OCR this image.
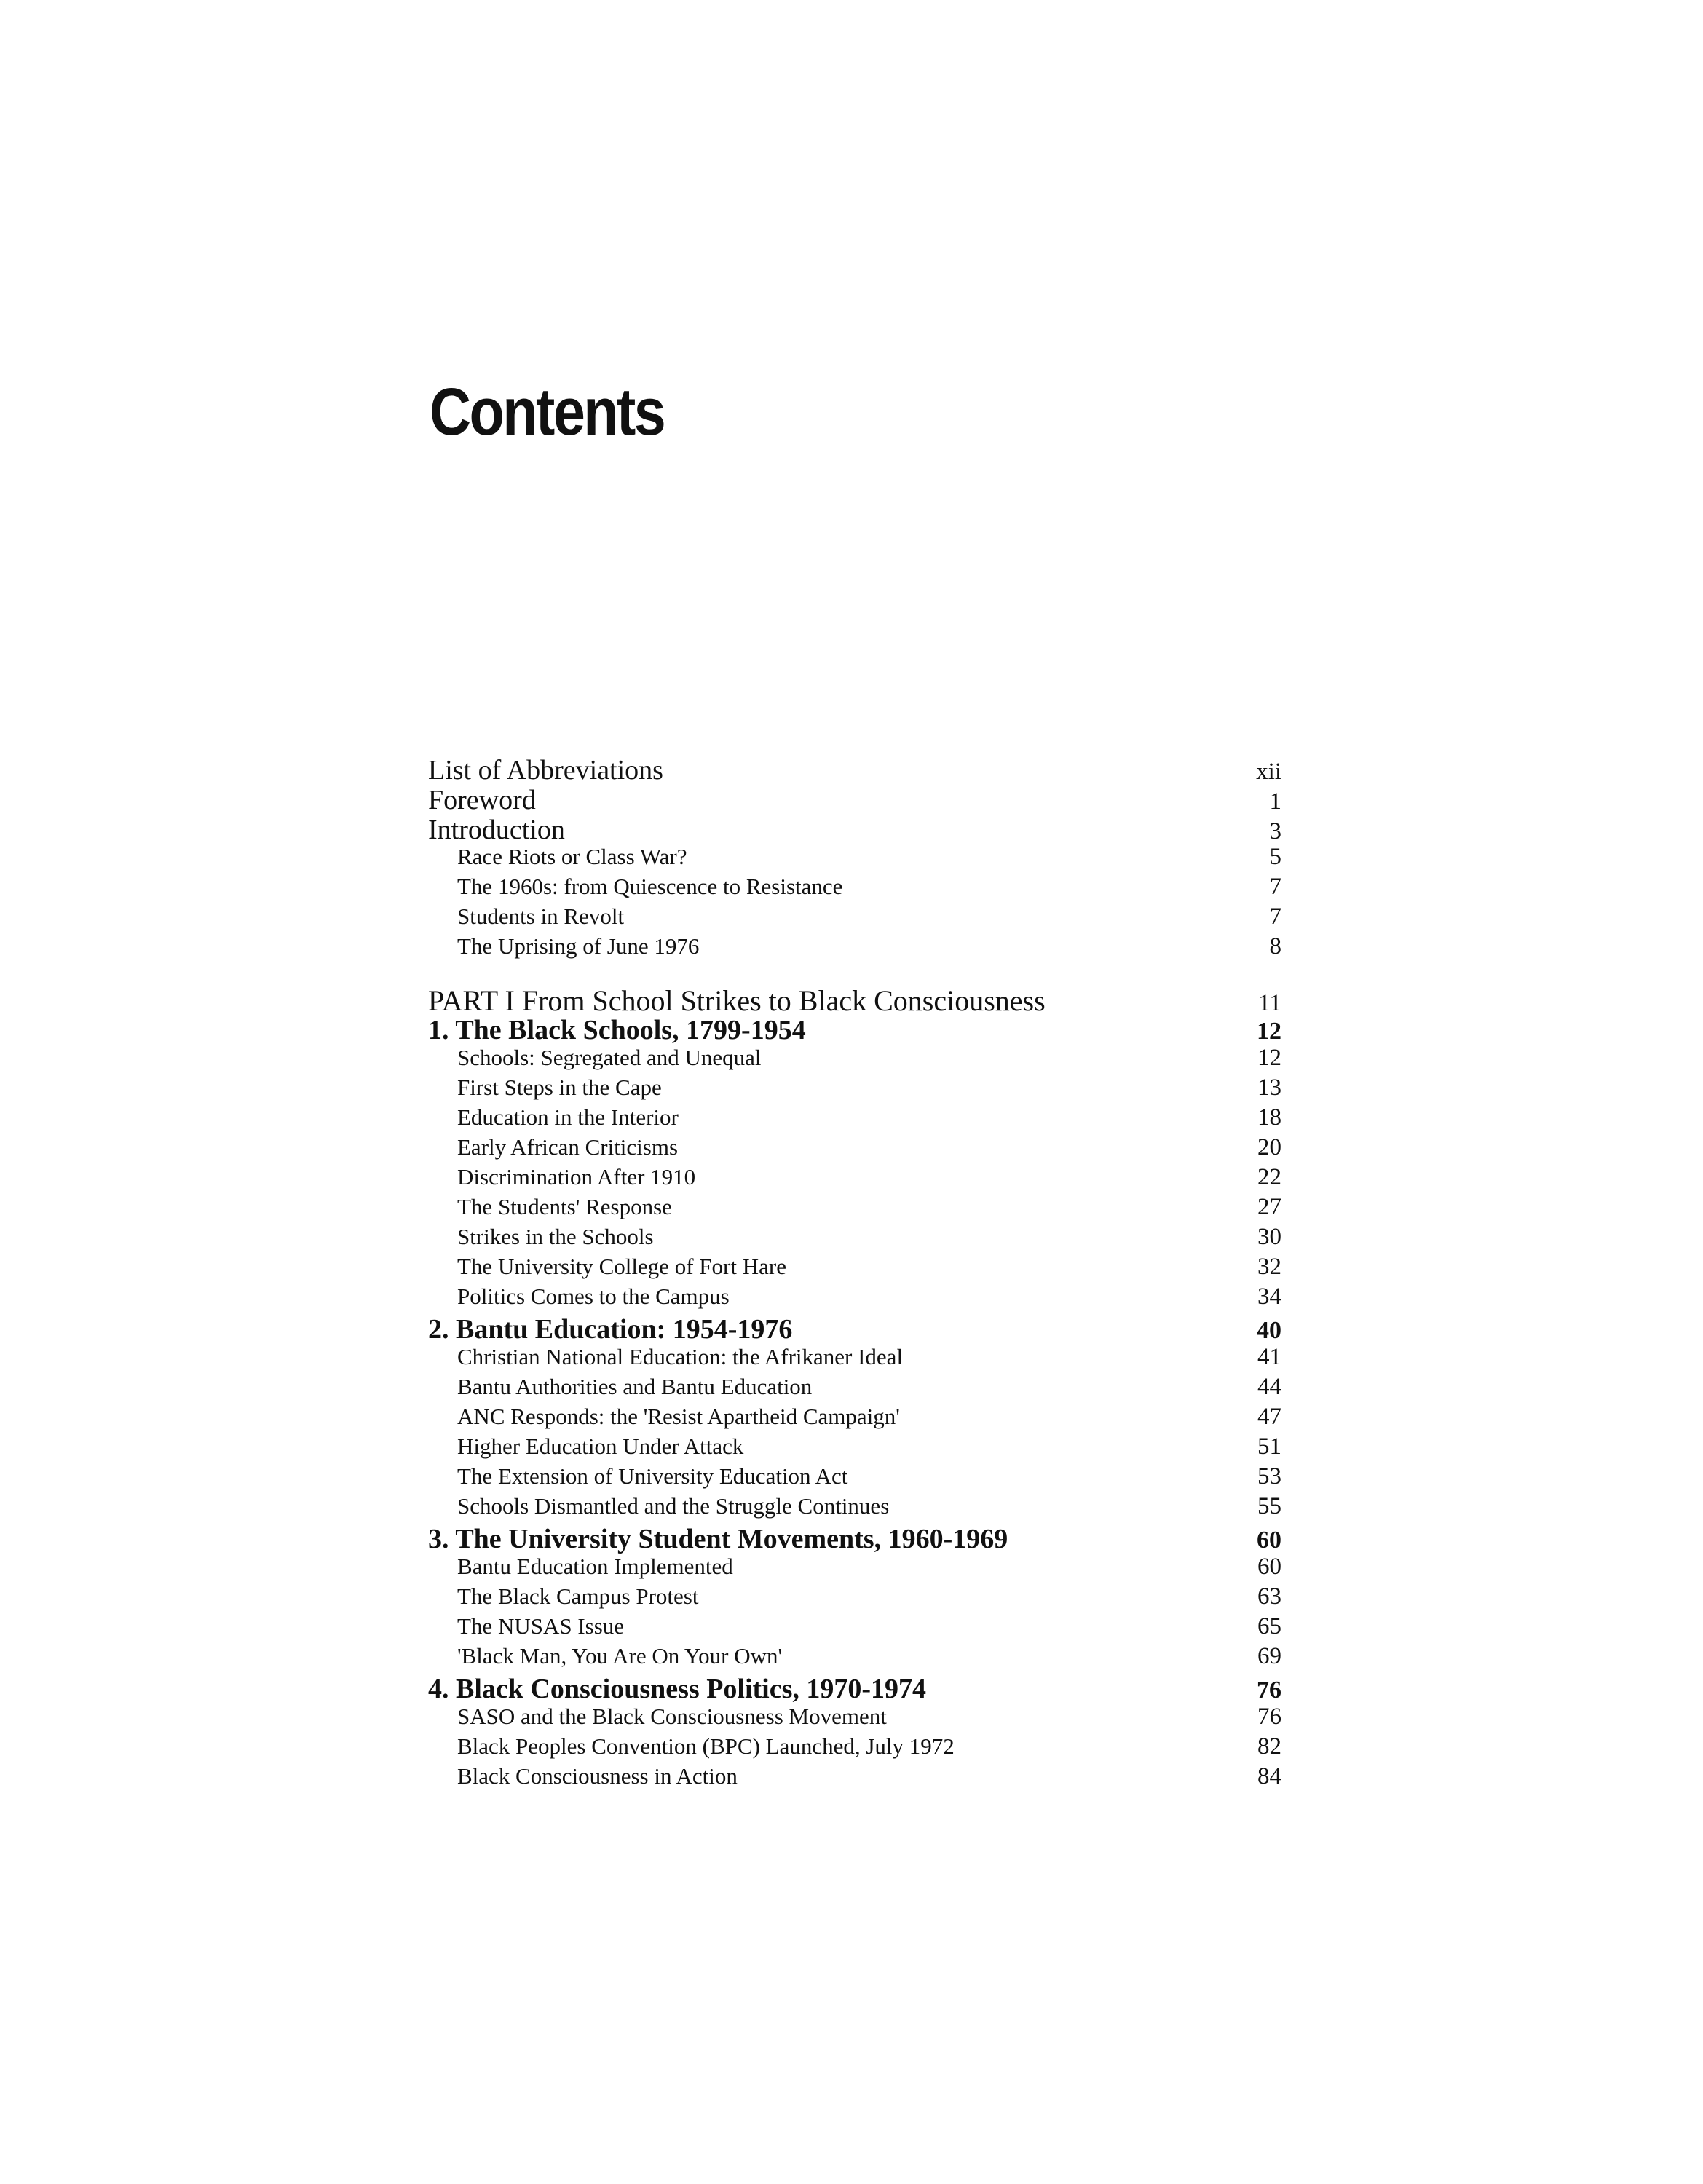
Contents
List of Abbreviations	xii
Foreword	1
Introduction	3
Race Riots or Class War?	5
The 1960s: from Quiescence to Resistance	7
Students in Revolt	7
The Uprising of June 1976	8
PART I From School Strikes to Black Consciousness	11
1. The Black Schools, 1799-1954	12
Schools: Segregated and Unequal	12
First Steps in the Cape	13
Education in the Interior	18
Early African Criticisms	20
Discrimination After 1910	22
The Students' Response	27
Strikes in the Schools	30
The University College of Fort Hare	32
Politics Comes to the Campus	34
2. Bantu Education: 1954-1976	40
Christian National Education: the Afrikaner Ideal	41
Bantu Authorities and Bantu Education	44
ANC Responds: the 'Resist Apartheid Campaign'	47
Higher Education Under Attack	51
The Extension of University Education Act	53
Schools Dismantled and the Struggle Continues	55
3. The University Student Movements, 1960-1969	60
Bantu Education Implemented	60
The Black Campus Protest	63
The NUSAS Issue	65
'Black Man, You Are On Your Own'	69
4. Black Consciousness Politics, 1970-1974	76
SASO and the Black Consciousness Movement	76
Black Peoples Convention (BPC) Launched, July 1972	82
Black Consciousness in Action	84
